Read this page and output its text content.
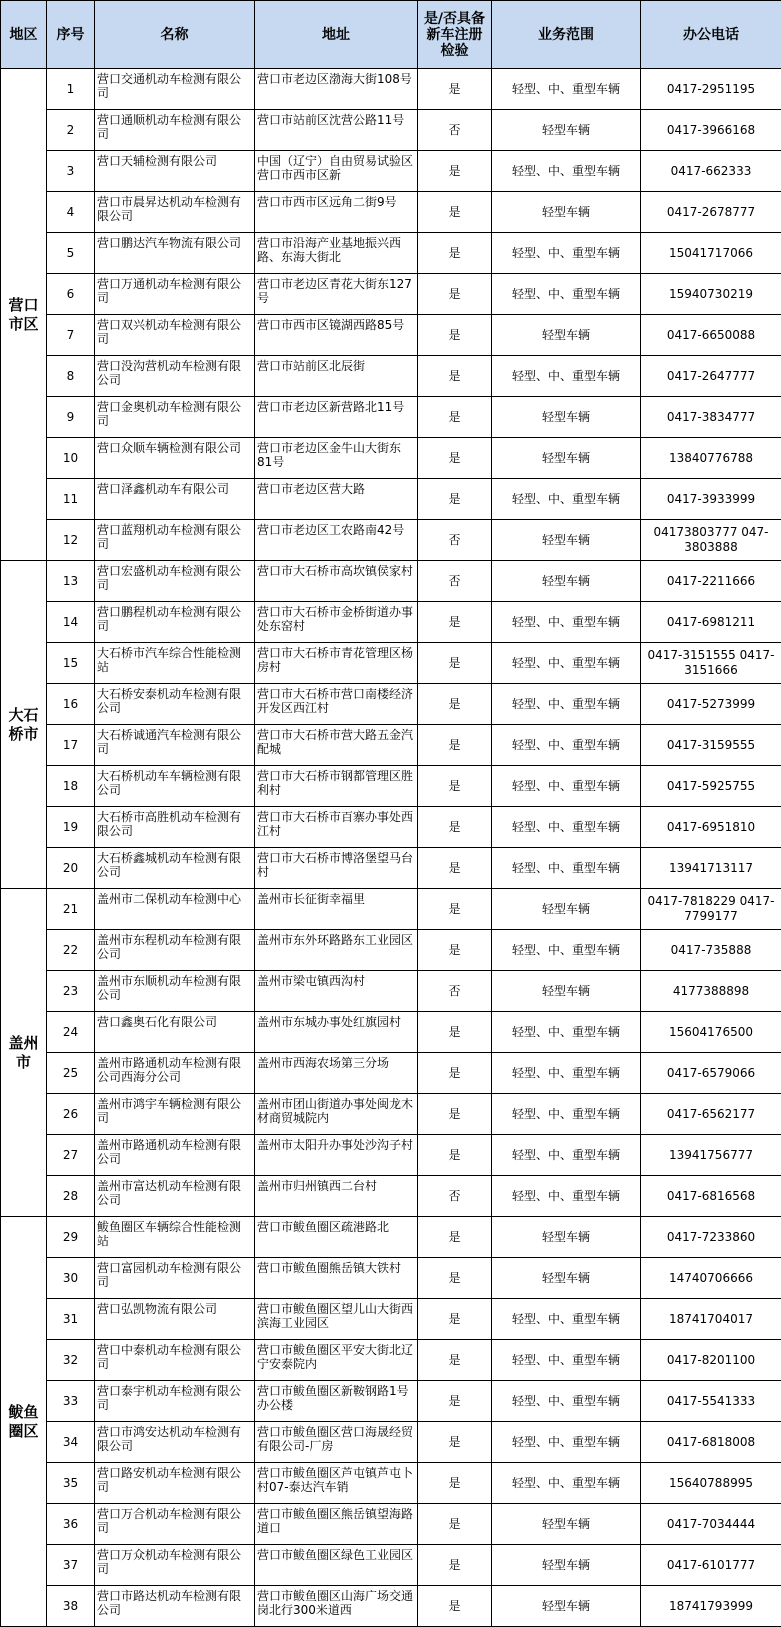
地区	序号	名称	地址	是/否具备新车注册检验	业务范围	办公电话
营口市区	1	营口交通机动车检测有限公司	营口市老边区渤海大街108号	是	轻型、中、重型车辆	0417-2951195
	2	营口通顺机动车检测有限公司	营口市站前区沈营公路11号	否	轻型车辆	0417-3966168
	3	营口天辅检测有限公司	中国（辽宁）自由贸易试验区营口市西市区新	是	轻型、中、重型车辆	0417-662333
	4	营口市晨昇达机动车检测有限公司	营口市西市区远角二街9号	是	轻型车辆	0417-2678777
	5	营口鹏达汽车物流有限公司	营口市沿海产业基地振兴西路、东海大街北	是	轻型、中、重型车辆	15041717066
	6	营口万通机动车检测有限公司	营口市老边区青花大街东127号	是	轻型、中、重型车辆	15940730219
	7	营口双兴机动车检测有限公司	营口市西市区镜湖西路85号	是	轻型车辆	0417-6650088
	8	营口没沟营机动车检测有限公司	营口市站前区北辰街	是	轻型、中、重型车辆	0417-2647777
	9	营口金奥机动车检测有限公司	营口市老边区新营路北11号	是	轻型车辆	0417-3834777
	10	营口众顺车辆检测有限公司	营口市老边区金牛山大街东81号	是	轻型车辆	13840776788
	11	营口泽鑫机动车有限公司	营口市老边区营大路	是	轻型、中、重型车辆	0417-3933999
	12	营口蓝翔机动车检测有限公司	营口市老边区工农路南42号	否	轻型车辆	04173803777 047-3803888
大石桥市	13	营口宏盛机动车检测有限公司	营口市大石桥市高坎镇侯家村	否	轻型车辆	0417-2211666
	14	营口鹏程机动车检测有限公司	营口市大石桥市金桥街道办事处东窑村	是	轻型、中、重型车辆	0417-6981211
	15	大石桥市汽车综合性能检测站	营口市大石桥市青花管理区杨房村	是	轻型、中、重型车辆	0417-3151555 0417-3151666
	16	大石桥安泰机动车检测有限公司	营口市大石桥市营口南楼经济开发区西江村	是	轻型、中、重型车辆	0417-5273999
	17	大石桥诚通汽车检测有限公司	营口市大石桥市营大路五金汽配城	是	轻型、中、重型车辆	0417-3159555
	18	大石桥机动车车辆检测有限公司	营口市大石桥市钢都管理区胜利村	是	轻型、中、重型车辆	0417-5925755
	19	大石桥市高胜机动车检测有限公司	营口市大石桥市百寨办事处西江村	是	轻型、中、重型车辆	0417-6951810
	20	大石桥鑫城机动车检测有限公司	营口市大石桥市博洛堡望马台村	是	轻型、中、重型车辆	13941713117
盖州市	21	盖州市二保机动车检测中心	盖州市长征街幸福里	是	轻型车辆	0417-7818229 0417-7799177
	22	盖州市东程机动车检测有限公司	盖州市东外环路路东工业园区	是	轻型、中、重型车辆	0417-735888
	23	盖州市东顺机动车检测有限公司	盖州市梁屯镇西沟村	否	轻型车辆	4177388898
	24	营口鑫奥石化有限公司	盖州市东城办事处红旗园村	是	轻型、中、重型车辆	15604176500
	25	盖州市路通机动车检测有限公司西海分公司	盖州市西海农场第三分场	是	轻型、中、重型车辆	0417-6579066
	26	盖州市鸿宇车辆检测有限公司	盖州市团山街道办事处闽龙木材商贸城院内	是	轻型、中、重型车辆	0417-6562177
	27	盖州市路通机动车检测有限公司	盖州市太阳升办事处沙沟子村	是	轻型、中、重型车辆	13941756777
	28	盖州市富达机动车检测有限公司	盖州市归州镇西二台村	否	轻型、中、重型车辆	0417-6816568
鲅鱼圈区	29	鲅鱼圈区车辆综合性能检测站	营口市鲅鱼圈区疏港路北	是	轻型车辆	0417-7233860
	30	营口富园机动车检测有限公司	营口市鲅鱼圈熊岳镇大铁村	是	轻型车辆	14740706666
	31	营口弘凯物流有限公司	营口市鲅鱼圈区望儿山大街西滨海工业园区	是	轻型、中、重型车辆	18741704017
	32	营口中泰机动车检测有限公司	营口市鲅鱼圈区平安大街北辽宁安泰院内	是	轻型、中、重型车辆	0417-8201100
	33	营口泰宇机动车检测有限公司	营口市鲅鱼圈区新鞍钢路1号办公楼	是	轻型、中、重型车辆	0417-5541333
	34	营口市鸿安达机动车检测有限公司	营口市鲅鱼圈区营口海晟经贸有限公司-厂房	是	轻型、中、重型车辆	0417-6818008
	35	营口路安机动车检测有限公司	营口市鲅鱼圈区芦屯镇芦屯卜村07-泰达汽车销	是	轻型、中、重型车辆	15640788995
	36	营口万合机动车检测有限公司	营口市鲅鱼圈区熊岳镇望海路道口	是	轻型车辆	0417-7034444
	37	营口万众机动车检测有限公司	营口市鲅鱼圈区绿色工业园区	是	轻型车辆	0417-6101777
	38	营口市路达机动车检测有限公司	营口市鲅鱼圈区山海广场交通岗北行300米道西	是	轻型车辆	18741793999
